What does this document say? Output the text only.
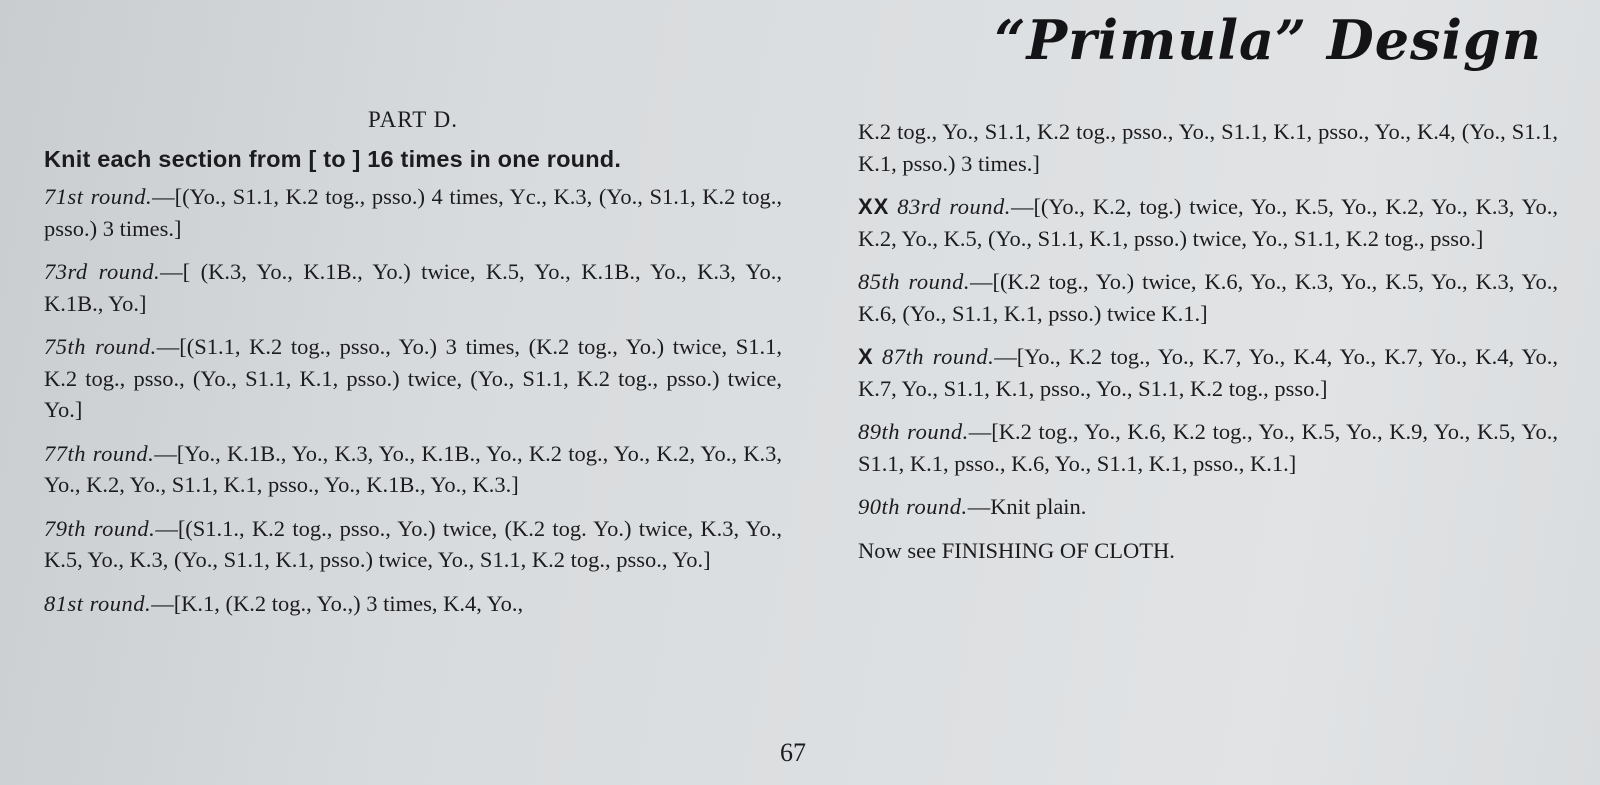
“Primula” Design

PART D.

Knit each section from [ to ] 16 times in one round.

71st round.—[(Yo., S1.1, K.2 tog., psso.) 4 times, Yc., K.3, (Yo., S1.1, K.2 tog., psso.) 3 times.]

73rd round.—[ (K.3, Yo., K.1B., Yo.) twice, K.5, Yo., K.1B., Yo., K.3, Yo., K.1B., Yo.]

75th round.—[(S1.1, K.2 tog., psso., Yo.) 3 times, (K.2 tog., Yo.) twice, S1.1, K.2 tog., psso., (Yo., S1.1, K.1, psso.) twice, (Yo., S1.1, K.2 tog., psso.) twice, Yo.]

77th round.—[Yo., K.1B., Yo., K.3, Yo., K.1B., Yo., K.2 tog., Yo., K.2, Yo., K.3, Yo., K.2, Yo., S1.1, K.1, psso., Yo., K.1B., Yo., K.3.]

79th round.—[(S1.1., K.2 tog., psso., Yo.) twice, (K.2 tog. Yo.) twice, K.3, Yo., K.5, Yo., K.3, (Yo., S1.1, K.1, psso.) twice, Yo., S1.1, K.2 tog., psso., Yo.]

81st round.—[K.1, (K.2 tog., Yo.,) 3 times, K.4, Yo.,

K.2 tog., Yo., S1.1, K.2 tog., psso., Yo., S1.1, K.1, psso., Yo., K.4, (Yo., S1.1, K.1, psso.) 3 times.]

XX 83rd round.—[(Yo., K.2, tog.) twice, Yo., K.5, Yo., K.2, Yo., K.3, Yo., K.2, Yo., K.5, (Yo., S1.1, K.1, psso.) twice, Yo., S1.1, K.2 tog., psso.]

85th round.—[(K.2 tog., Yo.) twice, K.6, Yo., K.3, Yo., K.5, Yo., K.3, Yo., K.6, (Yo., S1.1, K.1, psso.) twice K.1.]

X 87th round.—[Yo., K.2 tog., Yo., K.7, Yo., K.4, Yo., K.7, Yo., K.4, Yo., K.7, Yo., S1.1, K.1, psso., Yo., S1.1, K.2 tog., psso.]

89th round.—[K.2 tog., Yo., K.6, K.2 tog., Yo., K.5, Yo., K.9, Yo., K.5, Yo., S1.1, K.1, psso., K.6, Yo., S1.1, K.1, psso., K.1.]

90th round.—Knit plain.

Now see FINISHING OF CLOTH.

67
